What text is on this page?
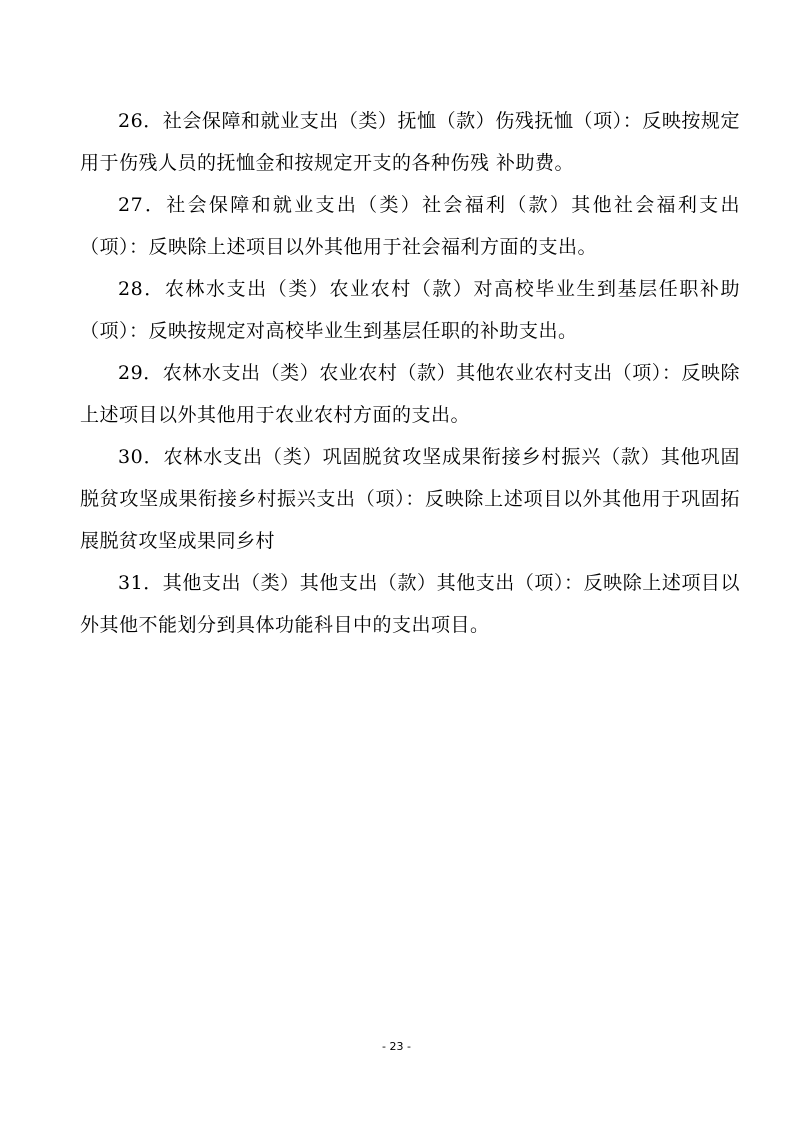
26．社会保障和就业支出（类）抚恤（款）伤残抚恤（项）：反映按规定用于伤残人员的抚恤金和按规定开支的各种伤残 补助费。

27．社会保障和就业支出（类）社会福利（款）其他社会福利支出（项）：反映除上述项目以外其他用于社会福利方面的支出。

28．农林水支出（类）农业农村（款）对高校毕业生到基层任职补助（项）：反映按规定对高校毕业生到基层任职的补助支出。

29．农林水支出（类）农业农村（款）其他农业农村支出（项）：反映除上述项目以外其他用于农业农村方面的支出。

30．农林水支出（类）巩固脱贫攻坚成果衔接乡村振兴（款）其他巩固脱贫攻坚成果衔接乡村振兴支出（项）：反映除上述项目以外其他用于巩固拓展脱贫攻坚成果同乡村

31．其他支出（类）其他支出（款）其他支出（项）：反映除上述项目以外其他不能划分到具体功能科目中的支出项目。

- 23 -
